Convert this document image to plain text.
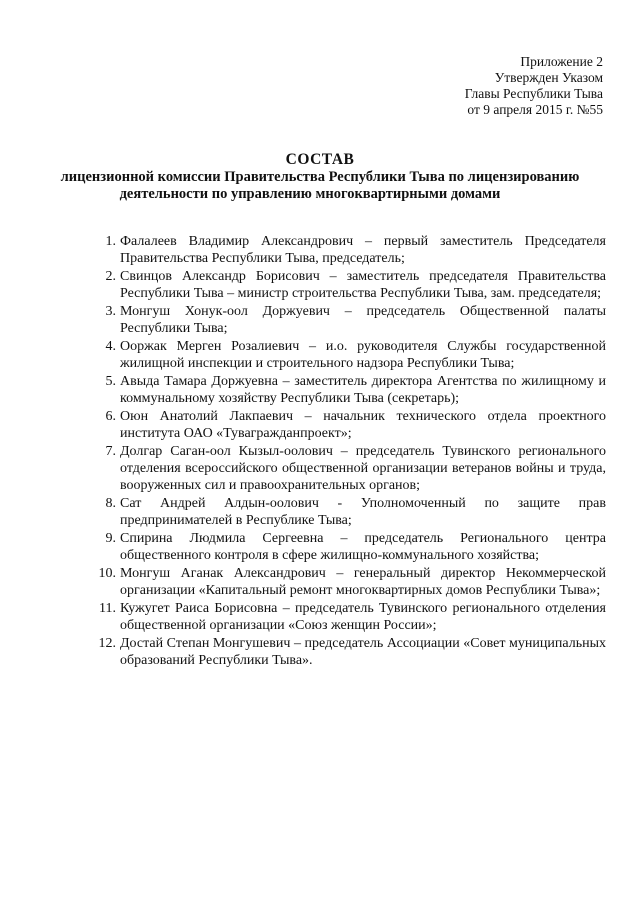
Приложение 2
Утвержден Указом
Главы Республики Тыва
от 9 апреля 2015 г. №55
СОСТАВ
лицензионной комиссии Правительства Республики Тыва по лицензированию
деятельности по управлению многоквартирными домами
1. Фалалеев Владимир Александрович – первый заместитель Председателя Правительства Республики Тыва, председатель;
2. Свинцов Александр Борисович – заместитель председателя Правительства Республики Тыва – министр строительства Республики Тыва, зам. председателя;
3. Монгуш Хонук-оол Доржуевич – председатель Общественной палаты Республики Тыва;
4. Ооржак Мерген Розалиевич – и.о. руководителя Службы государственной жилищной инспекции и строительного надзора Республики Тыва;
5. Авыда Тамара Доржуевна – заместитель директора Агентства по жилищному и коммунальному хозяйству Республики Тыва (секретарь);
6. Оюн Анатолий Лакпаевич – начальник технического отдела проектного института ОАО «Тувагражданпроект»;
7. Долгар Саган-оол Кызыл-оолович – председатель Тувинского регионального отделения всероссийского общественной организации ветеранов войны и труда, вооруженных сил и правоохранительных органов;
8. Сат Андрей Алдын-оолович - Уполномоченный по защите прав предпринимателей в Республике Тыва;
9. Спирина Людмила Сергеевна – председатель Регионального центра общественного контроля в сфере жилищно-коммунального хозяйства;
10. Монгуш Аганак Александрович – генеральный директор Некоммерческой организации «Капитальный ремонт многоквартирных домов Республики Тыва»;
11. Кужугет Раиса Борисовна – председатель Тувинского регионального отделения общественной организации «Союз женщин России»;
12. Достай Степан Монгушевич – председатель Ассоциации «Совет муниципальных образований Республики Тыва».
